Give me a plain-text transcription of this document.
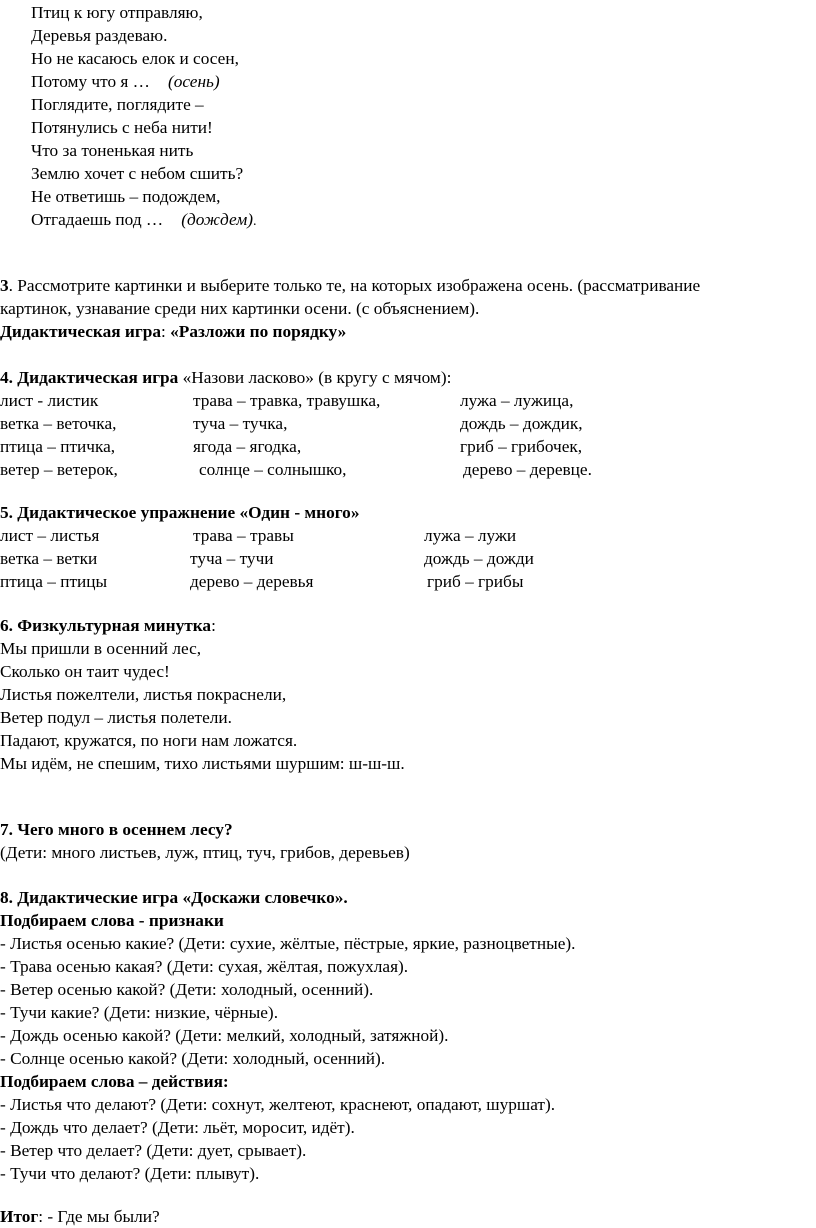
Птиц к югу отправляю,
Деревья раздеваю.
Но не касаюсь елок и сосен,
Потому что я … (осень)
Поглядите, поглядите –
Потянулись с неба нити!
Что за тоненькая нить
Землю хочет с небом сшить?
Не ответишь – подождем,
Отгадаешь под … (дождем).
3. Рассмотрите картинки и выберите только те, на которых изображена осень. (рассматривание
картинок, узнавание среди них картинки осени. (с объяснением).
Дидактическая игра: «Разложи по порядку»
4. Дидактическая игра «Назови ласково» (в кругу с мячом):
лист - листик	трава – травка, травушка,	лужа – лужица,
ветка – веточка,	туча – тучка,	дождь – дождик,
птица – птичка,	ягода – ягодка,	гриб – грибочек,
ветер – ветерок,	солнце – солнышко,	дерево – деревце.
5. Дидактическое упражнение «Один - много»
лист – листья	трава – травы	лужа – лужи
ветка – ветки	туча – тучи	дождь – дожди
птица – птицы	дерево – деревья	гриб – грибы
6. Физкультурная минутка:
Мы пришли в осенний лес,
Сколько он таит чудес!
Листья пожелтели, листья покраснели,
Ветер подул – листья полетели.
Падают, кружатся, по ноги нам ложатся.
Мы идём, не спешим, тихо листьями шуршим: ш-ш-ш.
7. Чего много в осеннем лесу?
(Дети: много листьев, луж, птиц, туч, грибов, деревьев)
8. Дидактические игра «Доскажи словечко».
Подбираем слова - признаки
- Листья осенью какие? (Дети: сухие, жёлтые, пёстрые, яркие, разноцветные).
- Трава осенью какая? (Дети: сухая, жёлтая, пожухлая).
- Ветер осенью какой? (Дети: холодный, осенний).
- Тучи какие? (Дети: низкие, чёрные).
- Дождь осенью какой? (Дети: мелкий, холодный, затяжной).
- Солнце осенью какой? (Дети: холодный, осенний).
Подбираем слова – действия:
- Листья что делают? (Дети: сохнут, желтеют, краснеют, опадают, шуршат).
- Дождь что делает? (Дети: льёт, моросит, идёт).
- Ветер что делает? (Дети: дует, срывает).
- Тучи что делают? (Дети: плывут).
Итог: - Где мы были?
